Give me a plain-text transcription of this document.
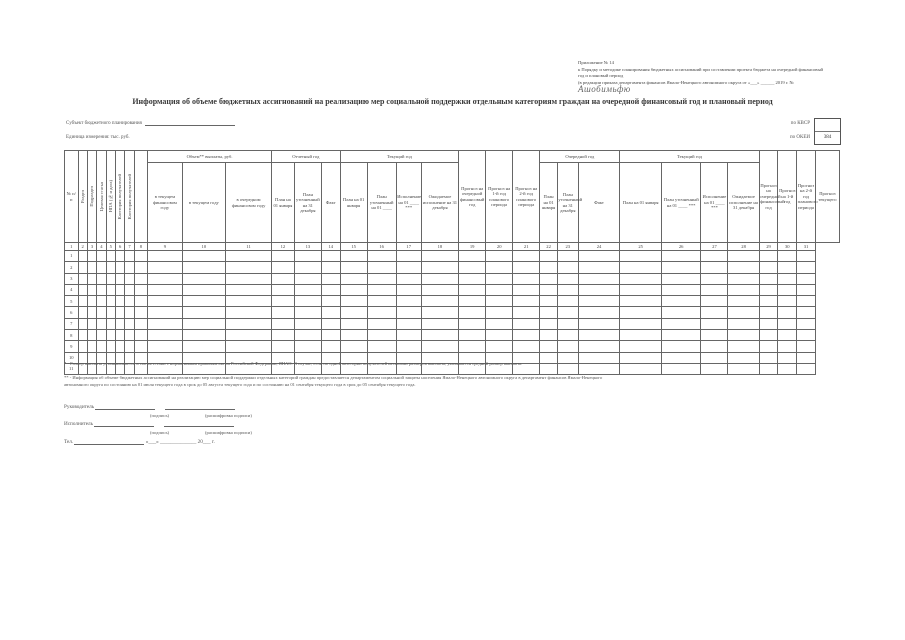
Приложение № 14
к Порядку и методике планирования бюджетных ассигнований при составлении проекта бюджета на очередной финансовый
год и плановый период
(в редакции приказа департамента финансов Ямало-Ненецкого автономного округа от «___» ______ 2019 г. №
Ашобимьфю
Информация об объеме бюджетных ассигнований на реализацию мер социальной поддержки отдельным категориям граждан на очередной финансовый год и плановый период
Субъект бюджетного планирования
Единица измерения: тыс. руб.
по КВСР
по ОКЕИ	384
№ п/п	Раздел	Подраздел	Целевая статья	НПА (№ и дата)	Категория получателей	Категория получателей		Объем** выплаты, руб.			Отчетный год			Текущий год				Прогноз на очередной финансовый год	Прогноз на 1-й год планового периода	Прогноз на 2-й год планового периода	Очередной год			Текущий год				Прогноз на очередной финансовый год	Прогноз на 1-й год	Прогноз на 2-й год планового периода	Прогноз текущего
								в текущем финансовом году	в текущем году	в очередном финансовом году	План на 01 января	План уточненный на 31 декабря	Факт	План на 01 января	План уточненный на 01 ____	Исполнение на 01 ____ ***	Ожидаемое исполнение на 31 декабря				План на 01 января	План уточненный на 31 декабря	Факт	План на 01 января	План уточненный на 01 ____ ***	Исполнение на 01 ____ ***	Ожидаемое исполнение на 31 декабря				

1	2	3	4	5	6	7	8	9	10	11	12	13	14	15	16	17	18	19	20	21	22	23	24	25	26	27	28	29	30	31	
1																															
2																															
3																															
4																															
5																															
6																															
7																															
8																															
9																															
10																															
11																															
* - Размер выплаты устанавливается в соответствии с нормативным правовым актом Российской Федерации, ЯНАО. В случае, если по одной категории получателей несколько размеров выплаты, указывается средний размер выплаты.
** - Информация об объеме бюджетных ассигнований на реализацию мер социальной поддержки отдельных категорий граждан предоставляется департаментом социальной защиты населения Ямало-Ненецкого автономного округа в департамент финансов Ямало-Ненецкого
автономного округа по состоянию на 01 июля текущего года в срок до 05 августа текущего года и по состоянию на 01 сентября текущего года в срок до 05 сентября текущего года.
Руководитель
(подпись)	(расшифровка подписи)
Исполнитель
(подпись)	(расшифровка подписи)
Тел.	«___» ______________ 20___ г.
